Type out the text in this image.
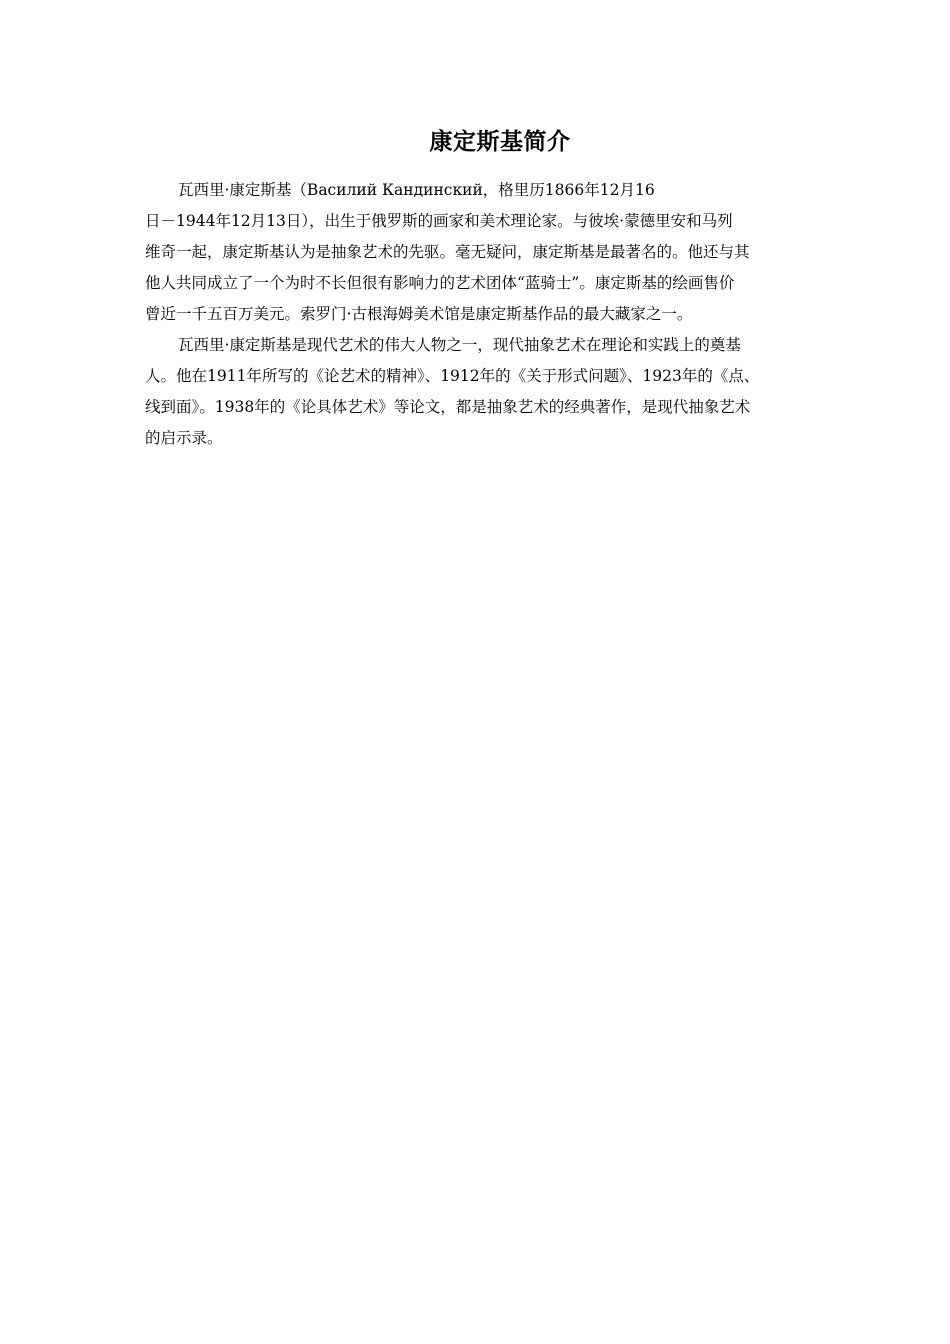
康定斯基简介
瓦西里·康定斯基（Василий Кандинский，格里历1866年12月16
日－1944年12月13日），出生于俄罗斯的画家和美术理论家。与彼埃·蒙德里安和马列
维奇一起，康定斯基认为是抽象艺术的先驱。毫无疑问，康定斯基是最著名的。他还与其
他人共同成立了一个为时不长但很有影响力的艺术团体“蓝骑士”。康定斯基的绘画售价
曾近一千五百万美元。索罗门·古根海姆美术馆是康定斯基作品的最大藏家之一。
瓦西里·康定斯基是现代艺术的伟大人物之一，现代抽象艺术在理论和实践上的奠基
人。他在1911年所写的《论艺术的精神》、1912年的《关于形式问题》、1923年的《点、
线到面》。1938年的《论具体艺术》等论文，都是抽象艺术的经典著作，是现代抽象艺术
的启示录。
